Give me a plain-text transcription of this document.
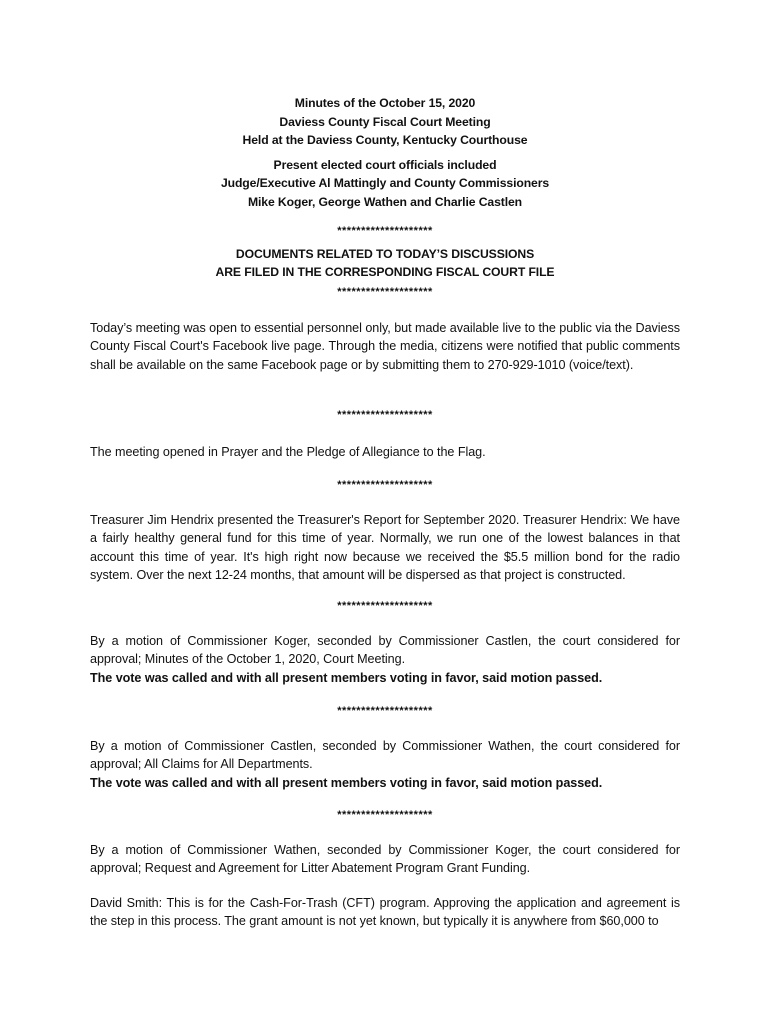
Minutes of the October 15, 2020
Daviess County Fiscal Court Meeting
Held at the Daviess County, Kentucky Courthouse
Present elected court officials included
Judge/Executive Al Mattingly and County Commissioners
Mike Koger, George Wathen and Charlie Castlen
********************
DOCUMENTS RELATED TO TODAY’S DISCUSSIONS
ARE FILED IN THE CORRESPONDING FISCAL COURT FILE
********************
Today’s meeting was open to essential personnel only, but made available live to the public via the Daviess County Fiscal Court's Facebook live page. Through the media, citizens were notified that public comments shall be available on the same Facebook page or by submitting them to 270-929-1010 (voice/text).
********************
The meeting opened in Prayer and the Pledge of Allegiance to the Flag.
********************
Treasurer Jim Hendrix presented the Treasurer's Report for September 2020. Treasurer Hendrix: We have a fairly healthy general fund for this time of year. Normally, we run one of the lowest balances in that account this time of year. It's high right now because we received the $5.5 million bond for the radio system. Over the next 12-24 months, that amount will be dispersed as that project is constructed.
********************
By a motion of Commissioner Koger, seconded by Commissioner Castlen, the court considered for approval; Minutes of the October 1, 2020, Court Meeting.
The vote was called and with all present members voting in favor, said motion passed.
********************
By a motion of Commissioner Castlen, seconded by Commissioner Wathen, the court considered for approval; All Claims for All Departments.
The vote was called and with all present members voting in favor, said motion passed.
********************
By a motion of Commissioner Wathen, seconded by Commissioner Koger, the court considered for approval; Request and Agreement for Litter Abatement Program Grant Funding.
David Smith: This is for the Cash-For-Trash (CFT) program. Approving the application and agreement is the step in this process. The grant amount is not yet known, but typically it is anywhere from $60,000 to
